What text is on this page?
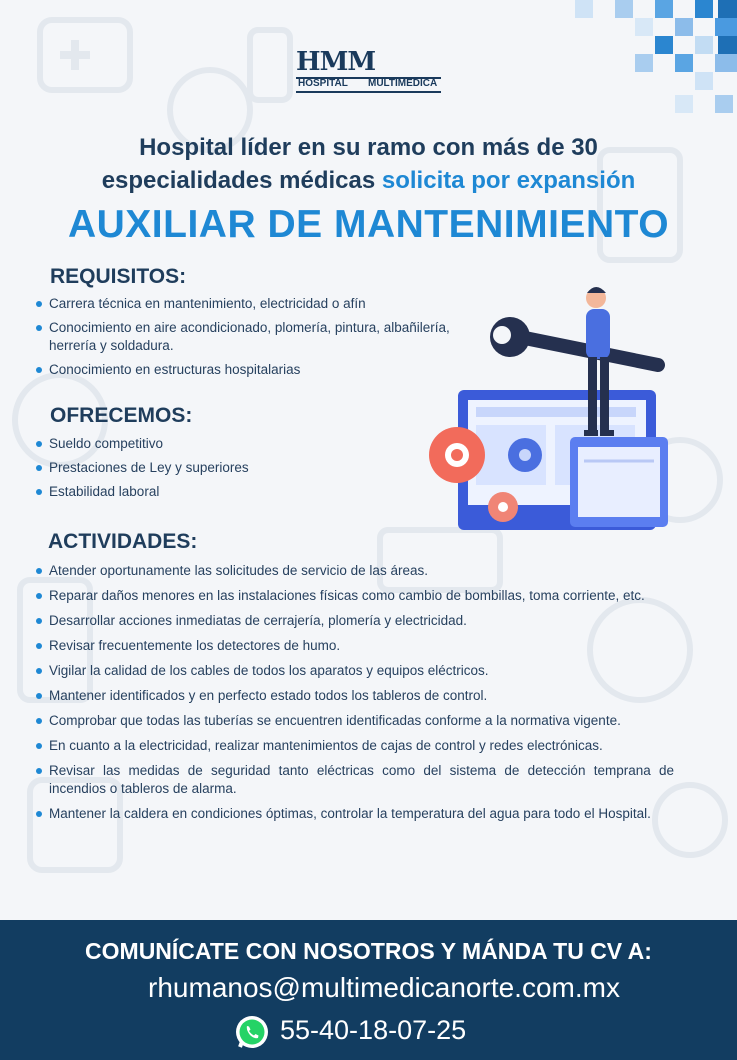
HMM
HOSPITAL MULTIMÉDICA
Hospital líder en su ramo con más de 30
especialidades médicas solicita por expansión
AUXILIAR DE MANTENIMIENTO
REQUISITOS:
Carrera técnica en mantenimiento, electricidad o afín
Conocimiento en aire acondicionado, plomería, pintura, albañilería, herrería y soldadura.
Conocimiento en estructuras hospitalarias
OFRECEMOS:
Sueldo competitivo
Prestaciones de Ley y superiores
Estabilidad laboral
ACTIVIDADES:
Atender oportunamente las solicitudes de servicio de las áreas.
Reparar daños menores en las instalaciones físicas como cambio de bombillas, toma corriente, etc.
Desarrollar acciones inmediatas de cerrajería, plomería y electricidad.
Revisar frecuentemente los detectores de humo.
Vigilar la calidad de los cables de todos los aparatos y equipos eléctricos.
Mantener identificados y en perfecto estado todos los tableros de control.
Comprobar que todas las tuberías se encuentren identificadas conforme a la normativa vigente.
En cuanto a la electricidad, realizar mantenimientos de cajas de control y redes electrónicas.
Revisar las medidas de seguridad tanto eléctricas como del sistema de detección temprana de incendios o tableros de alarma.
Mantener la caldera en condiciones óptimas, controlar la temperatura del agua para todo el Hospital.
COMUNÍCATE CON NOSOTROS Y MÁNDA TU CV A:
rhumanos@multimedicanorte.com.mx
55-40-18-07-25
